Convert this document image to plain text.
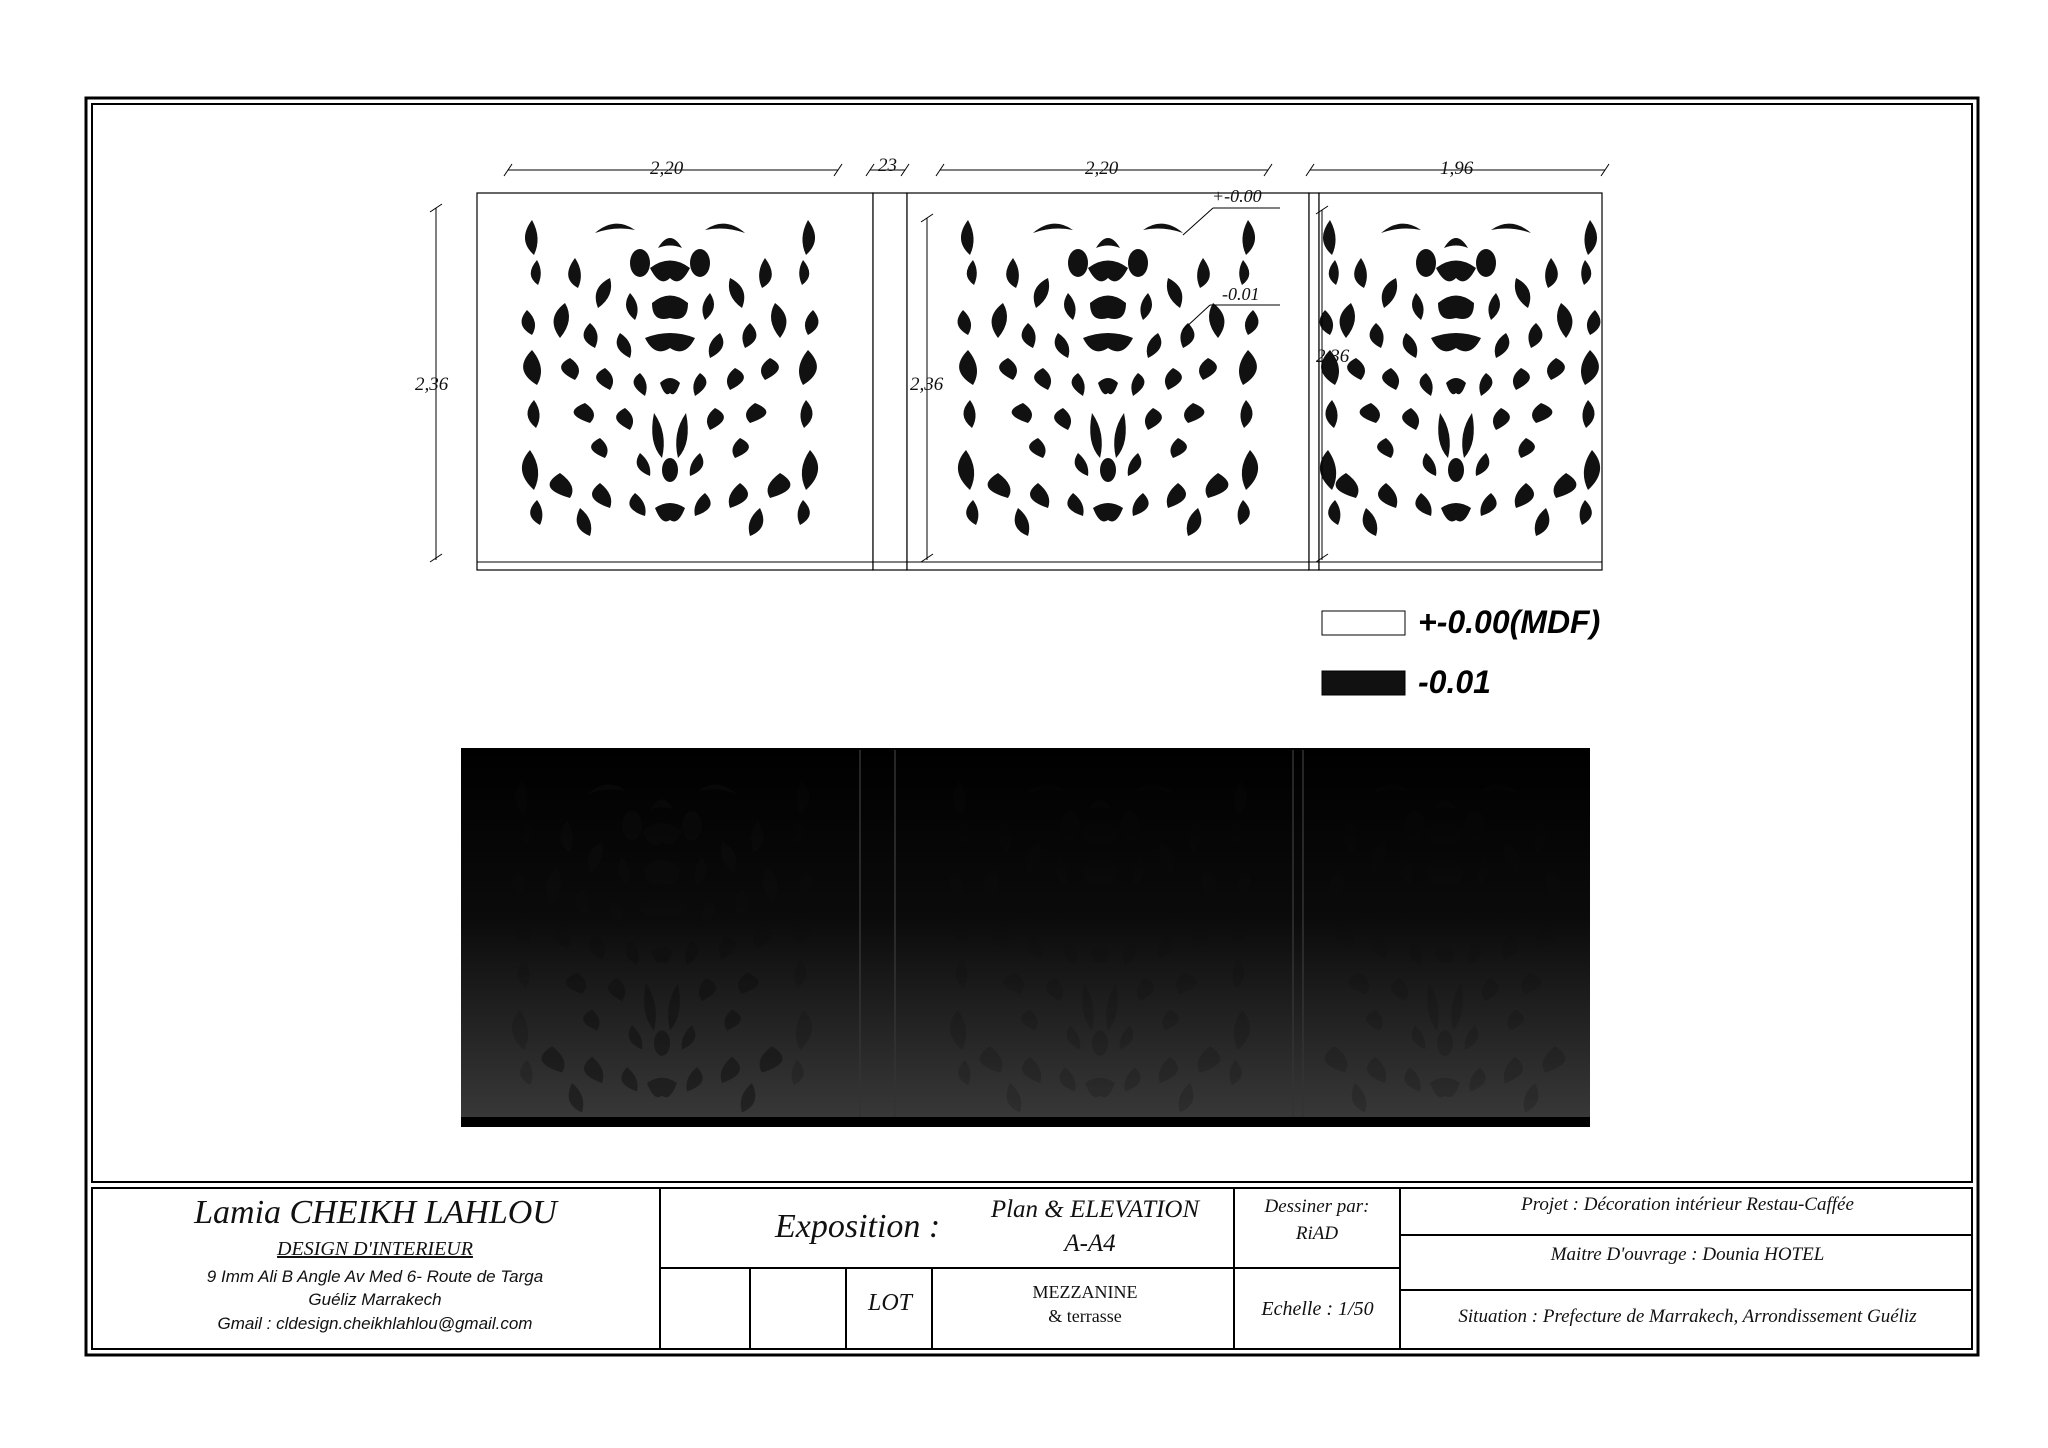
2,20	23	2,20	1,96
2,36	2,36
2,36
+-0.00
-0.01
+-0.00(MDF)
-0.01
Lamia CHEIKH LAHLOU
DESIGN D'INTERIEUR
9 Imm Ali B Angle Av Med 6- Route de Targa
Guéliz Marrakech
Gmail : cldesign.cheikhlahlou@gmail.com
Exposition :	Plan & ELEVATION
A-A4
Dessiner par:
RiAD
LOT	MEZZANINE
& terrasse	Echelle : 1/50
Projet : Décoration intérieur Restau-Caffée
Maitre D'ouvrage : Dounia HOTEL
Situation : Prefecture de Marrakech, Arrondissement Guéliz
